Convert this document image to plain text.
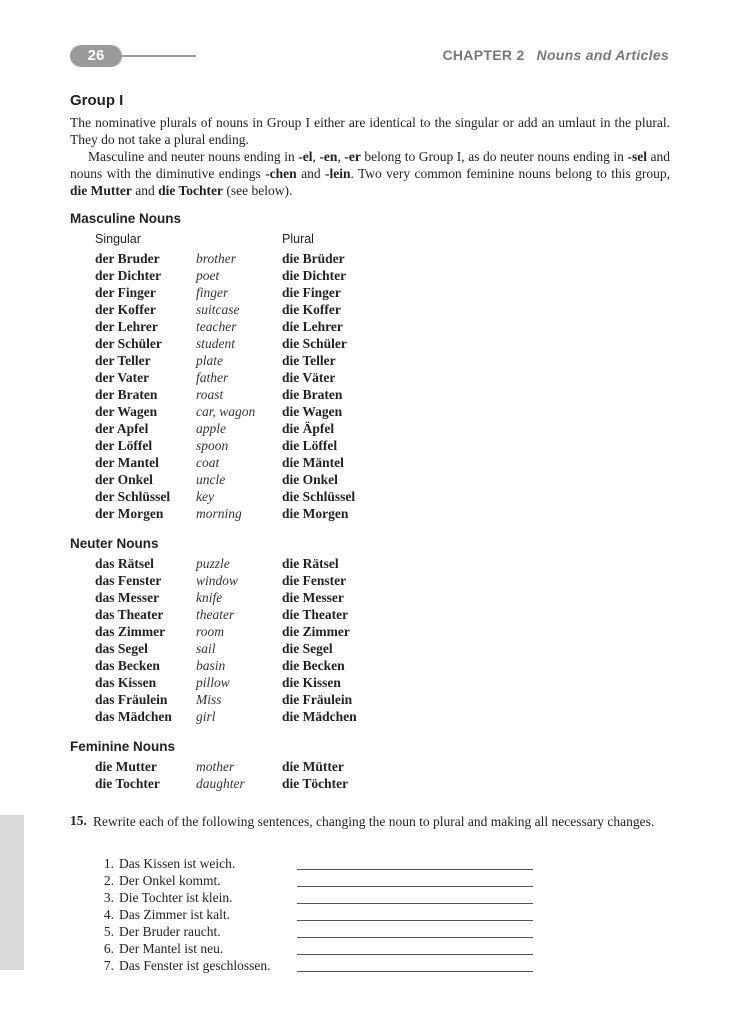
26	CHAPTER 2 Nouns and Articles
Group I

The nominative plurals of nouns in Group I either are identical to the singular or add an umlaut in the plural. They do not take a plural ending.

Masculine and neuter nouns ending in -el, -en, -er belong to Group I, as do neuter nouns ending in -sel and nouns with the diminutive endings -chen and -lein. Two very common feminine nouns belong to this group, die Mutter and die Tochter (see below).

Masculine Nouns
Singular	Plural
der Bruder	brother	die Brüder
der Dichter	poet	die Dichter
der Finger	finger	die Finger
der Koffer	suitcase	die Koffer
der Lehrer	teacher	die Lehrer
der Schüler	student	die Schüler
der Teller	plate	die Teller
der Vater	father	die Väter
der Braten	roast	die Braten
der Wagen	car, wagon die Wagen
der Apfel	apple	die Äpfel
der Löffel	spoon	die Löffel
der Mantel	coat	die Mäntel
der Onkel	uncle	die Onkel
der Schlüssel key	die Schlüssel
der Morgen morning	die Morgen
Neuter Nouns
das Rätsel	puzzle	die Rätsel
das Fenster	window	die Fenster
das Messer	knife	die Messer
das Theater theater	die Theater
das Zimmer room	die Zimmer
das Segel	sail	die Segel
das Becken	basin	die Becken
das Kissen	pillow	die Kissen
das Fräulein Miss	die Fräulein
das Mädchen girl	die Mädchen
Feminine Nouns
die Mutter	mother	die Mütter
die Tochter	daughter	die Töchter
15. Rewrite each of the following sentences, changing the noun to plural and making all necessary changes.
1. Das Kissen ist weich.
2. Der Onkel kommt.
3. Die Tochter ist klein.
4. Das Zimmer ist kalt.
5. Der Bruder raucht.
6. Der Mantel ist neu.
7. Das Fenster ist geschlossen.
